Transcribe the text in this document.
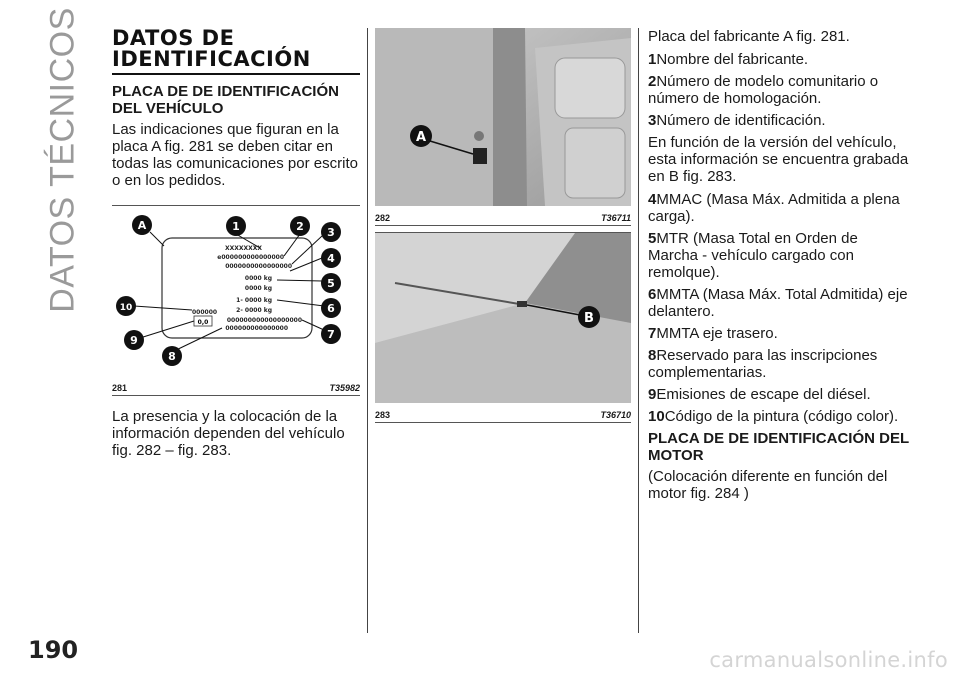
DATOS TÉCNICOS DATOS DE IDENTIFICACIÓN
PLACA DE DE IDENTIFICACIÓN DEL VEHÍCULO

Las indicaciones que figuran en la placa A fig. 281 se deben citar en todas las comunicaciones por escrito o en los pedidos.

XXXXXXXX
e000000000000000
0000000000000000
0000 kg
0000 kg
1- 0000 kg
2- 0000 kg
000000000000000000
000000000000000
000000
0,0
A	1	2 3
4
5
6
7
8
9
10
281	T35982

La presencia y la colocación de la información dependen del vehículo fig. 282 – fig. 283.

A
282	T36711
B
283	T36710

Placa del fabricante A fig. 281.

1Nombre del fabricante.
2Número de modelo comunitario o número de homologación.
3Número de identificación.

En función de la versión del vehículo, esta información se encuentra grabada en B fig. 283.

4MMAC (Masa Máx. Admitida a plena carga).
5MTR (Masa Total en Orden de Marcha - vehículo cargado con remolque).
6MMTA (Masa Máx. Total Admitida) eje delantero.
7MMTA eje trasero.
8Reservado para las inscripciones complementarias.
9Emisiones de escape del diésel.
10Código de la pintura (código color).
PLACA DE DE IDENTIFICACIÓN DEL MOTOR

(Colocación diferente en función del motor fig. 284 )

190	carmanualsonline.info
